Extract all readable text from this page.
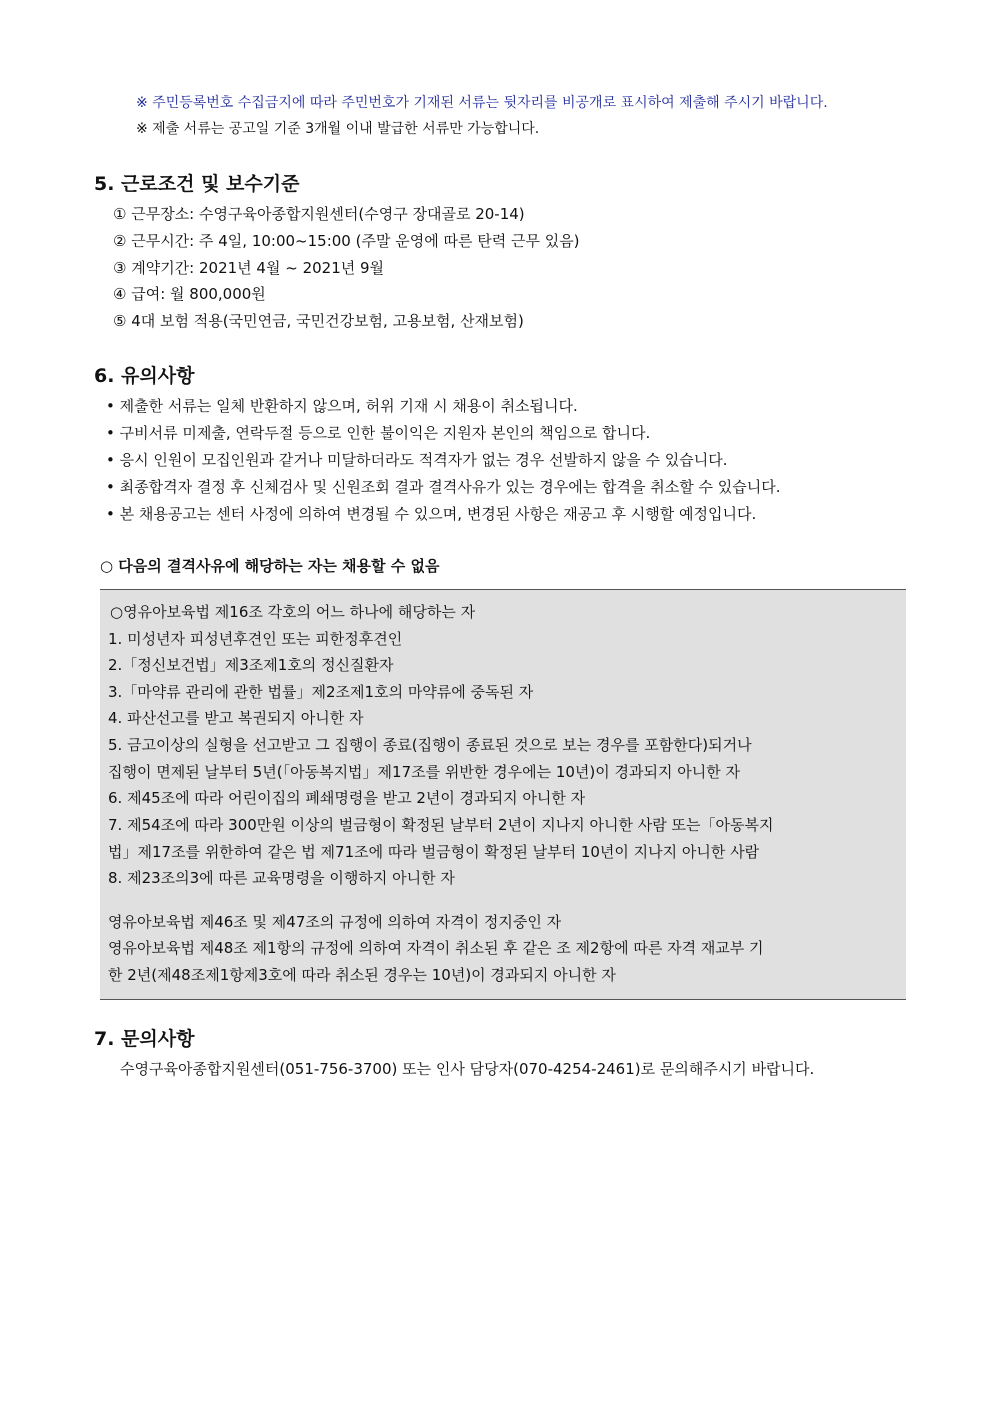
※ 주민등록번호 수집금지에 따라 주민번호가 기재된 서류는 뒷자리를 비공개로 표시하여 제출해 주시기 바랍니다.
※ 제출 서류는 공고일 기준 3개월 이내 발급한 서류만 가능합니다.
5. 근로조건 및 보수기준
① 근무장소: 수영구육아종합지원센터(수영구 장대골로 20-14)
② 근무시간: 주 4일, 10:00~15:00 (주말 운영에 따른 탄력 근무 있음)
③ 계약기간: 2021년 4월 ~ 2021년 9월
④ 급여: 월 800,000원
⑤ 4대 보험 적용(국민연금, 국민건강보험, 고용보험, 산재보험)
6. 유의사항
• 제출한 서류는 일체 반환하지 않으며, 허위 기재 시 채용이 취소됩니다.
• 구비서류 미제출, 연락두절 등으로 인한 불이익은 지원자 본인의 책임으로 합니다.
• 응시 인원이 모집인원과 같거나 미달하더라도 적격자가 없는 경우 선발하지 않을 수 있습니다.
• 최종합격자 결정 후 신체검사 및 신원조회 결과 결격사유가 있는 경우에는 합격을 취소할 수 있습니다.
• 본 채용공고는 센터 사정에 의하여 변경될 수 있으며, 변경된 사항은 재공고 후 시행할 예정입니다.
○ 다음의 결격사유에 해당하는 자는 채용할 수 없음
○영유아보육법 제16조 각호의 어느 하나에 해당하는 자
1. 미성년자 피성년후견인 또는 피한정후견인
2.「정신보건법」제3조제1호의 정신질환자
3.「마약류 관리에 관한 법률」제2조제1호의 마약류에 중독된 자
4. 파산선고를 받고 복권되지 아니한 자
5. 금고이상의 실형을 선고받고 그 집행이 종료(집행이 종료된 것으로 보는 경우를 포함한다)되거나
집행이 면제된 날부터 5년(「아동복지법」제17조를 위반한 경우에는 10년)이 경과되지 아니한 자
6. 제45조에 따라 어린이집의 폐쇄명령을 받고 2년이 경과되지 아니한 자
7. 제54조에 따라 300만원 이상의 벌금형이 확정된 날부터 2년이 지나지 아니한 사람 또는「아동복지
법」제17조를 위한하여 같은 법 제71조에 따라 벌금형이 확정된 날부터 10년이 지나지 아니한 사람
8. 제23조의3에 따른 교육명령을 이행하지 아니한 자
영유아보육법 제46조 및 제47조의 규정에 의하여 자격이 정지중인 자
영유아보육법 제48조 제1항의 규정에 의하여 자격이 취소된 후 같은 조 제2항에 따른 자격 재교부 기
한 2년(제48조제1항제3호에 따라 취소된 경우는 10년)이 경과되지 아니한 자
7. 문의사항
수영구육아종합지원센터(051-756-3700) 또는 인사 담당자(070-4254-2461)로 문의해주시기 바랍니다.
